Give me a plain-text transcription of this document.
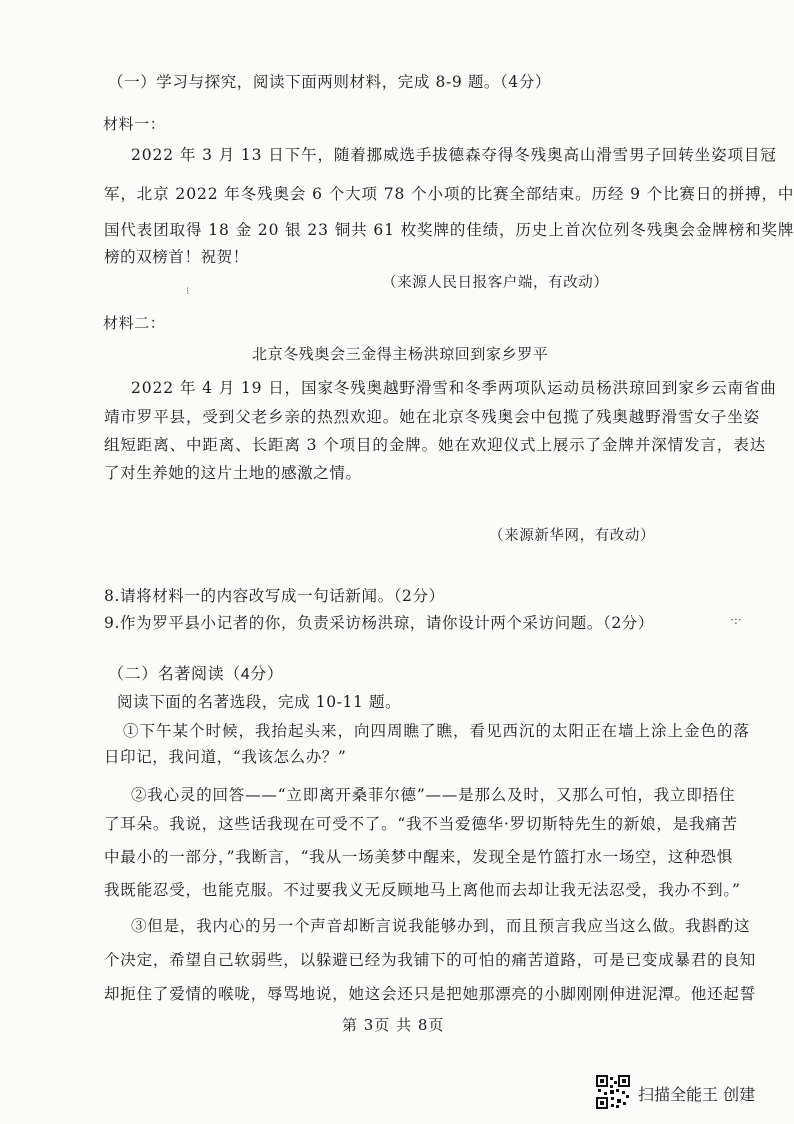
（一）学习与探究，阅读下面两则材料，完成 8-9 题。（4分）
材料一：
2022 年 3 月 13 日下午，随着挪威选手拔德森夺得冬残奥高山滑雪男子回转坐姿项目冠
军，北京 2022 年冬残奥会 6 个大项 78 个小项的比赛全部结束。历经 9 个比赛日的拼搏，中
国代表团取得 18 金 20 银 23 铜共 61 枚奖牌的佳绩，历史上首次位列冬残奥会金牌榜和奖牌
榜的双榜首！祝贺！
（来源人民日报客户端，有改动）
⁝
材料二：
北京冬残奥会三金得主杨洪琼回到家乡罗平
2022 年 4 月 19 日，国家冬残奥越野滑雪和冬季两项队运动员杨洪琼回到家乡云南省曲
靖市罗平县，受到父老乡亲的热烈欢迎。她在北京冬残奥会中包揽了残奥越野滑雪女子坐姿
组短距离、中距离、长距离 3 个项目的金牌。她在欢迎仪式上展示了金牌并深情发言，表达
了对生养她的这片土地的感激之情。
（来源新华网，有改动）
8.请将材料一的内容改写成一句话新闻。（2分）
9.作为罗平县小记者的你，负责采访杨洪琼，请你设计两个采访问题。（2分）	·:·
（二）名著阅读（4分）
阅读下面的名著选段，完成 10-11 题。
①下午某个时候，我抬起头来，向四周瞧了瞧，看见西沉的太阳正在墙上涂上金色的落
日印记，我问道，“我该怎么办？”
②我心灵的回答——“立即离开桑菲尔德”——是那么及时，又那么可怕，我立即捂住
了耳朵。我说，这些话我现在可受不了。“我不当爱德华·罗切斯特先生的新娘，是我痛苦
中最小的一部分，”我断言，“我从一场美梦中醒来，发现全是竹篮打水一场空，这种恐惧
我既能忍受，也能克服。不过要我义无反顾地马上离他而去却让我无法忍受，我办不到。”
③但是，我内心的另一个声音却断言说我能够办到，而且预言我应当这么做。我斟酌这
个决定，希望自己软弱些，以躲避已经为我铺下的可怕的痛苦道路，可是已变成暴君的良知
却扼住了爱情的喉咙，辱骂地说，她这会还只是把她那漂亮的小脚刚刚伸进泥潭。他还起誓
第 3页 共 8页
扫描全能王 创建
